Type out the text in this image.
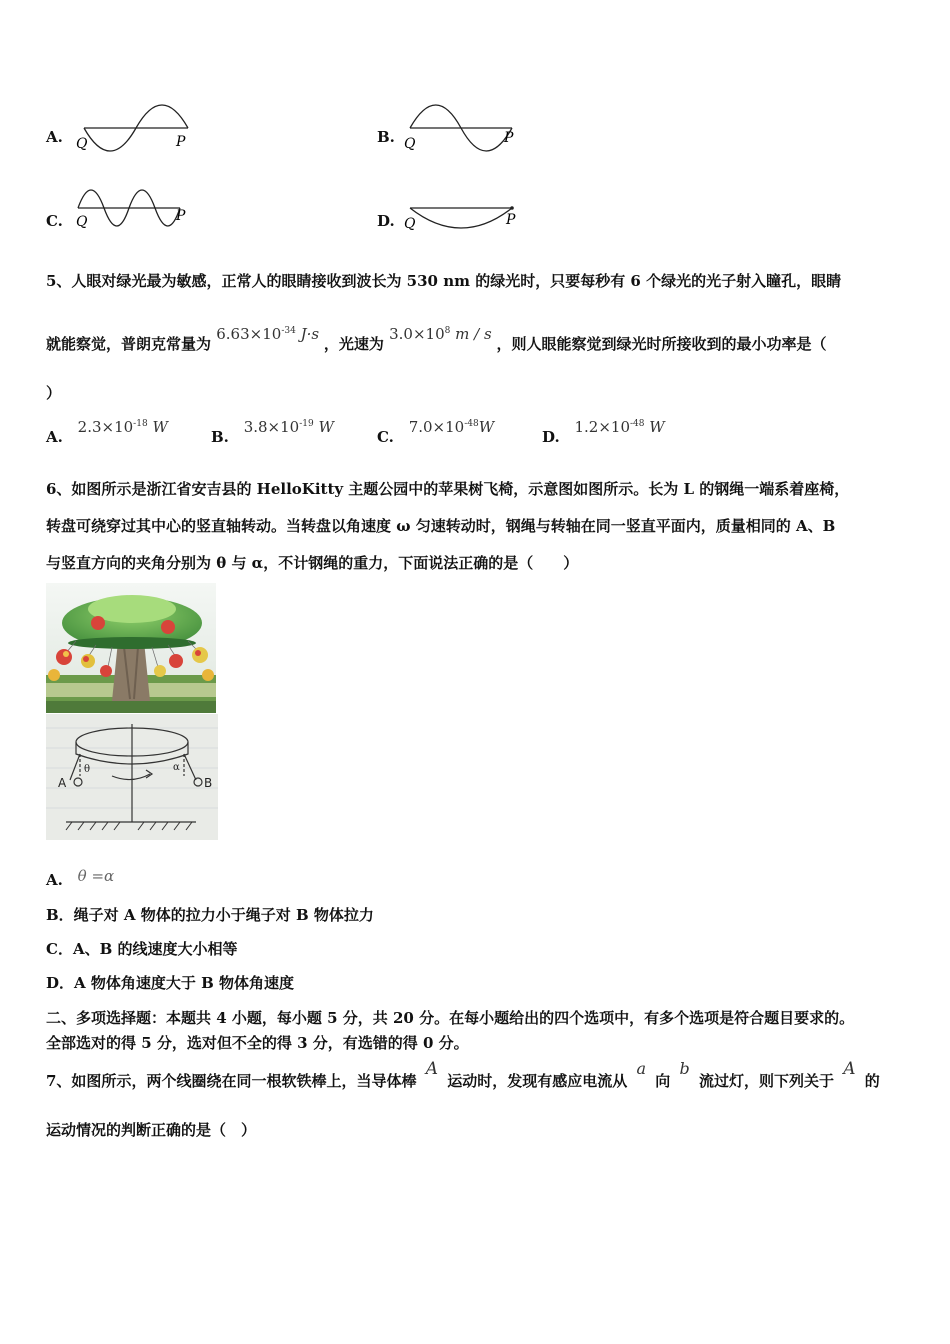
A. Q	P	B. Q	P
C. Q	P	D. Q	P
5、人眼对绿光最为敏感，正常人的眼睛接收到波长为 530 nm 的绿光时，只要每秒有 6 个绿光的光子射入瞳孔，眼睛
就能察觉，普朗克常量为 $6.63\times 10^{-34}$ J·s ，光速为 $3.0\times 10^8$ m / s ，则人眼能察觉到绿光时所接收到的最小功率是（
）
A. $2.3\times 10^{-18}$ W
B. $3.8\times 10^{-19}$ W
C. $7.0\times 10^{-48}W$
D. $1.2\times 10^{-48}$ W
6、如图所示是浙江省安吉县的 HelloKitty 主题公园中的苹果树飞椅，示意图如图所示。长为 L 的钢绳一端系着座椅，
转盘可绕穿过其中心的竖直轴转动。当转盘以角速度 ω 匀速转动时，钢绳与转轴在同一竖直平面内，质量相同的 A、B
与竖直方向的夹角分别为 θ 与 α，不计钢绳的重力，下面说法正确的是（　　）
A	B
θ	α
A. θ =α
B．绳子对 A 物体的拉力小于绳子对 B 物体拉力
C．A、B 的线速度大小相等
D．A 物体角速度大于 B 物体角速度
二、多项选择题：本题共 4 小题，每小题 5 分，共 20 分。在每小题给出的四个选项中，有多个选项是符合题目要求的。
全部选对的得 5 分，选对但不全的得 3 分，有选错的得 0 分。
7、如图所示，两个线圈绕在同一根软铁棒上，当导体棒 A 运动时，发现有感应电流从 a 向 b 流过灯，则下列关于 A 的
运动情况的判断正确的是（　）
